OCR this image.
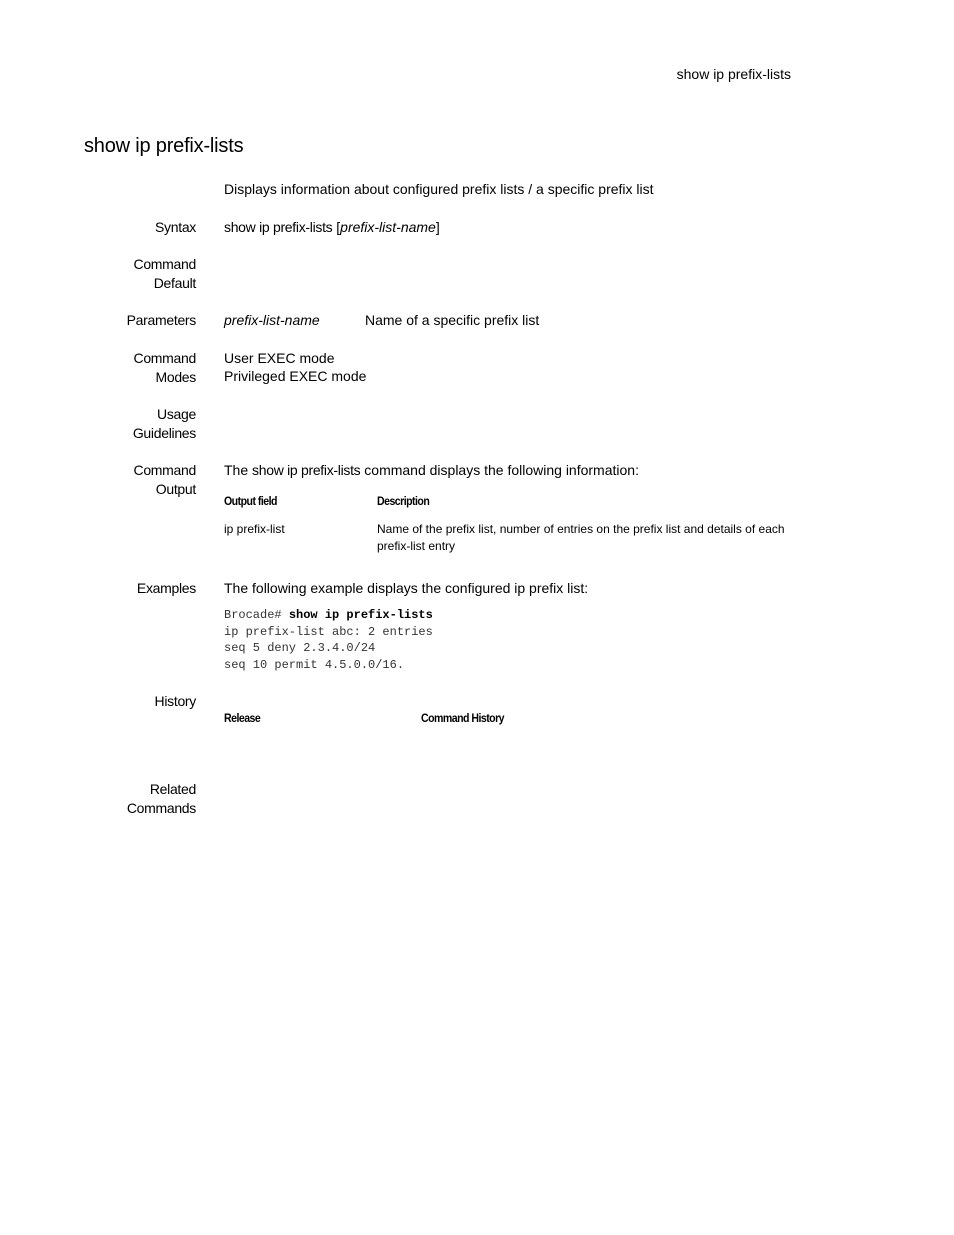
show ip prefix-lists
show ip prefix-lists
Displays information about configured prefix lists / a specific prefix list
Syntax show ip prefix-lists [prefix-list-name]
Command
Default
Parameters prefix-list-name	Name of a specific prefix list
Command
Modes
User EXEC mode
Privileged EXEC mode
Usage
Guidelines
Command
Output
The show ip prefix-lists command displays the following information:
Output field	Description
ip prefix-list	Name of the prefix list, number of entries on the prefix list and details of each
prefix-list entry
Examples The following example displays the configured ip prefix list:
Brocade# show ip prefix-lists
ip prefix-list abc: 2 entries
seq 5 deny 2.3.4.0/24
seq 10 permit 4.5.0.0/16.
History
Release	Command History
Related
Commands
